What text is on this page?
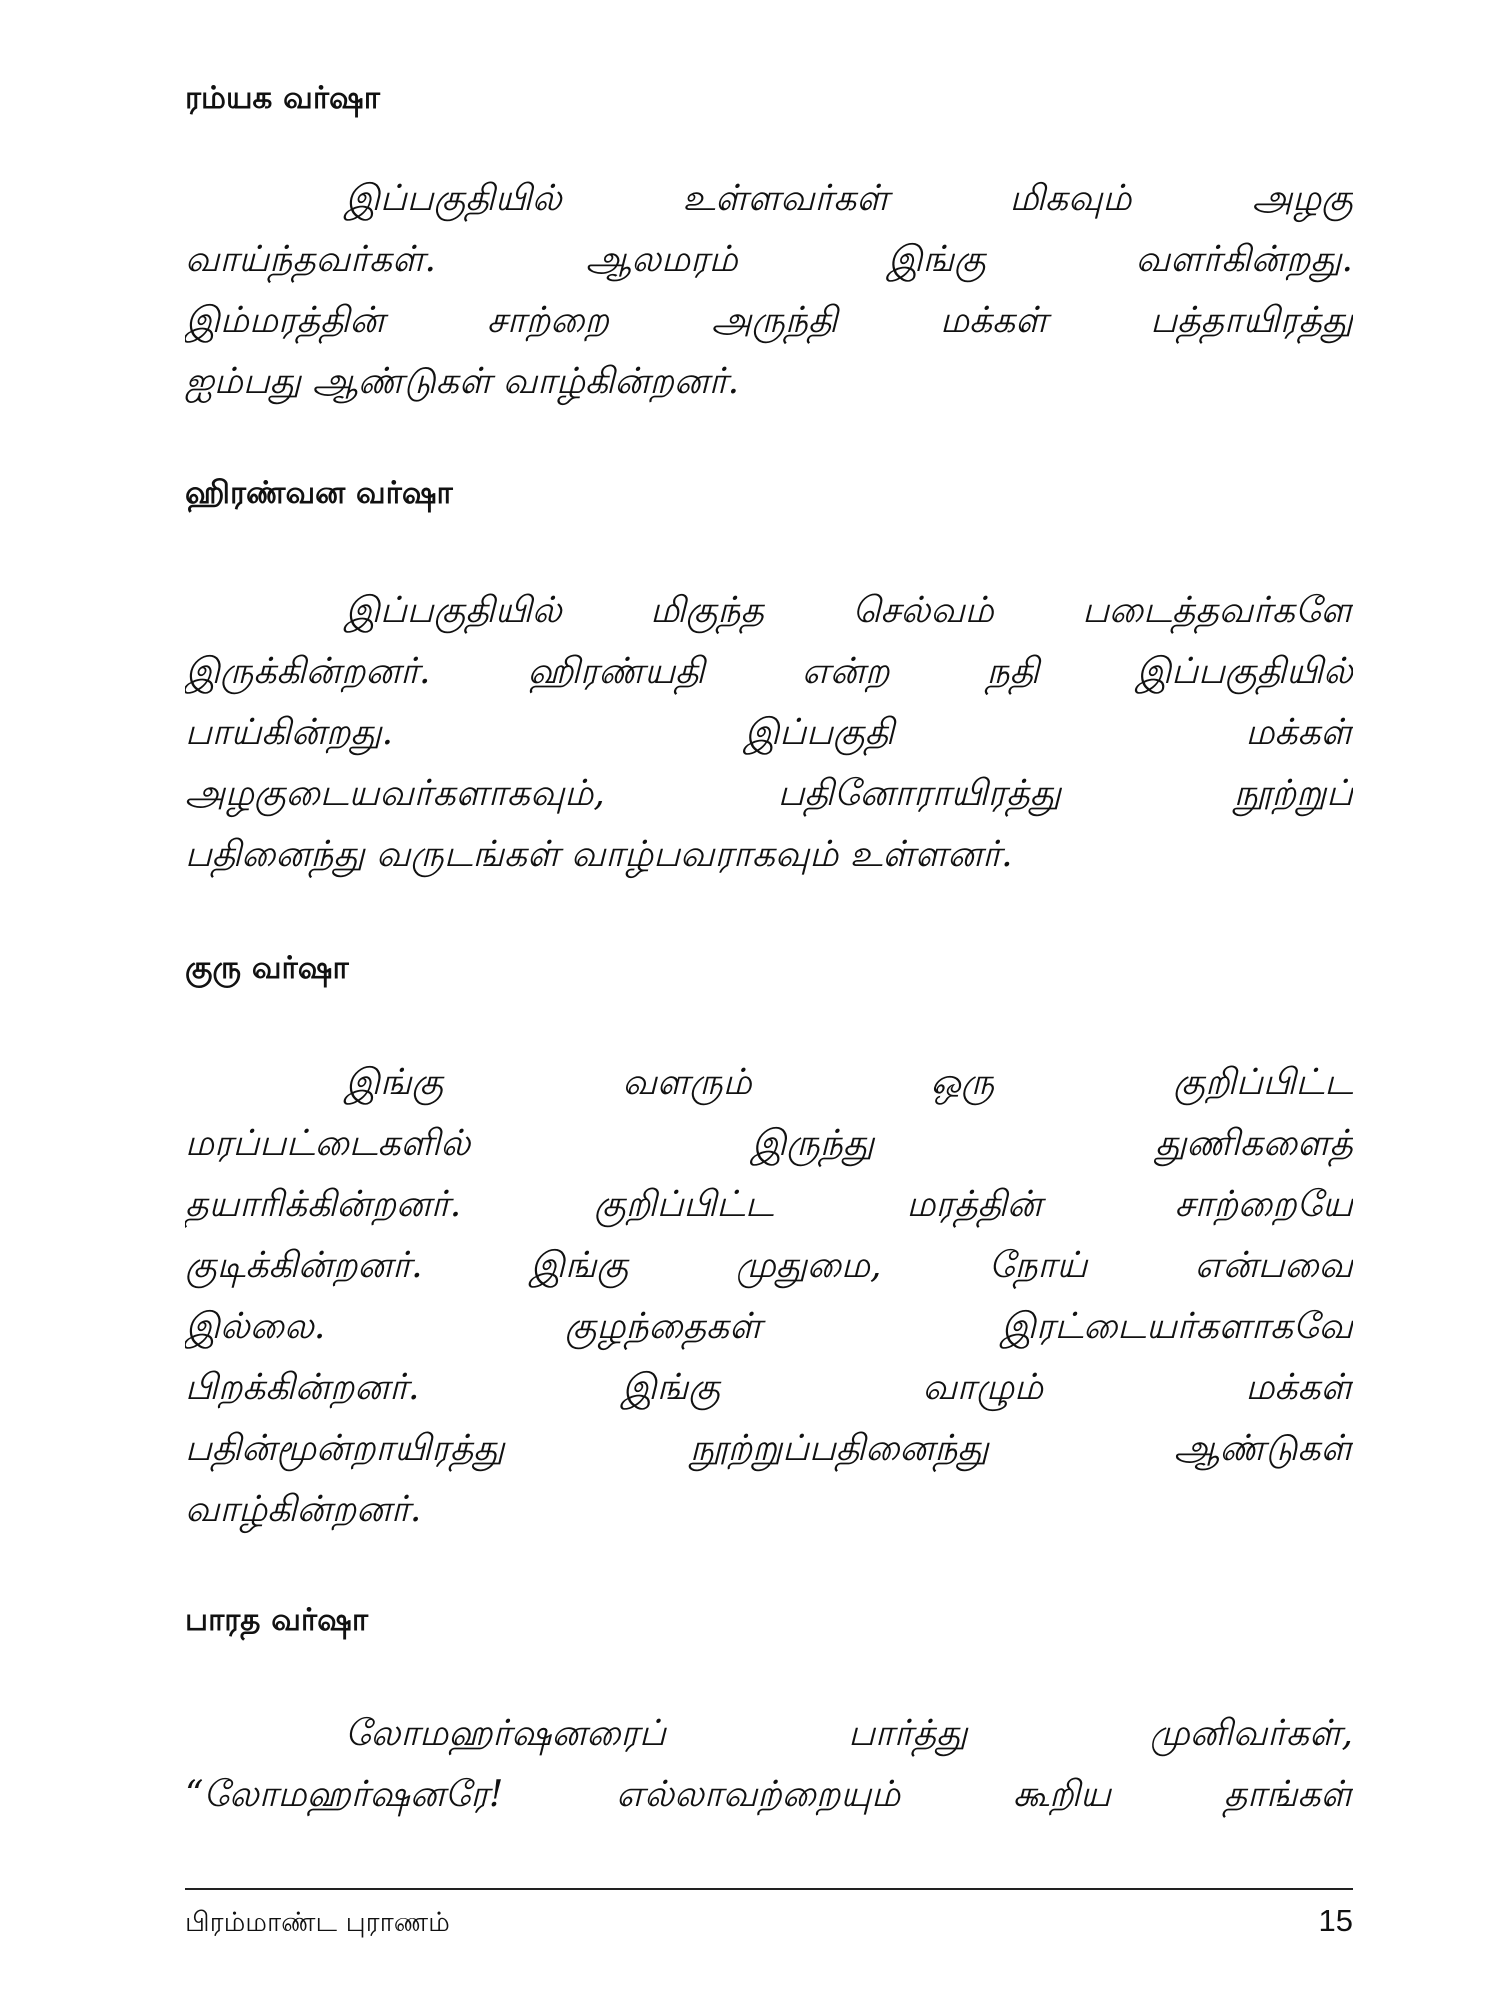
ரம்யக வர்ஷா
இப்பகுதியில் உள்ளவர்கள் மிகவும் அழகு
வாய்ந்தவர்கள். ஆலமரம் இங்கு வளர்கின்றது.
இம்மரத்தின் சாற்றை அருந்தி மக்கள் பத்தாயிரத்து
ஐம்பது ஆண்டுகள் வாழ்கின்றனர்.
ஹிரண்வன வர்ஷா
இப்பகுதியில் மிகுந்த செல்வம் படைத்தவர்களே
இருக்கின்றனர். ஹிரண்யதி என்ற நதி இப்பகுதியில்
பாய்கின்றது. இப்பகுதி மக்கள்
அழகுடையவர்களாகவும், பதினோராயிரத்து நூற்றுப்
பதினைந்து வருடங்கள் வாழ்பவராகவும் உள்ளனர்.
குரு வர்ஷா
இங்கு வளரும் ஒரு குறிப்பிட்ட
மரப்பட்டைகளில் இருந்து துணிகளைத்
தயாரிக்கின்றனர். குறிப்பிட்ட மரத்தின் சாற்றையே
குடிக்கின்றனர். இங்கு முதுமை, நோய் என்பவை
இல்லை. குழந்தைகள் இரட்டையர்களாகவே
பிறக்கின்றனர். இங்கு வாழும் மக்கள்
பதின்மூன்றாயிரத்து நூற்றுப்பதினைந்து ஆண்டுகள்
வாழ்கின்றனர்.
பாரத வர்ஷா
லோமஹர்ஷனரைப் பார்த்து முனிவர்கள்,
“லோமஹர்ஷனரே! எல்லாவற்றையும் கூறிய தாங்கள்
பிரம்மாண்ட புராணம்	15
